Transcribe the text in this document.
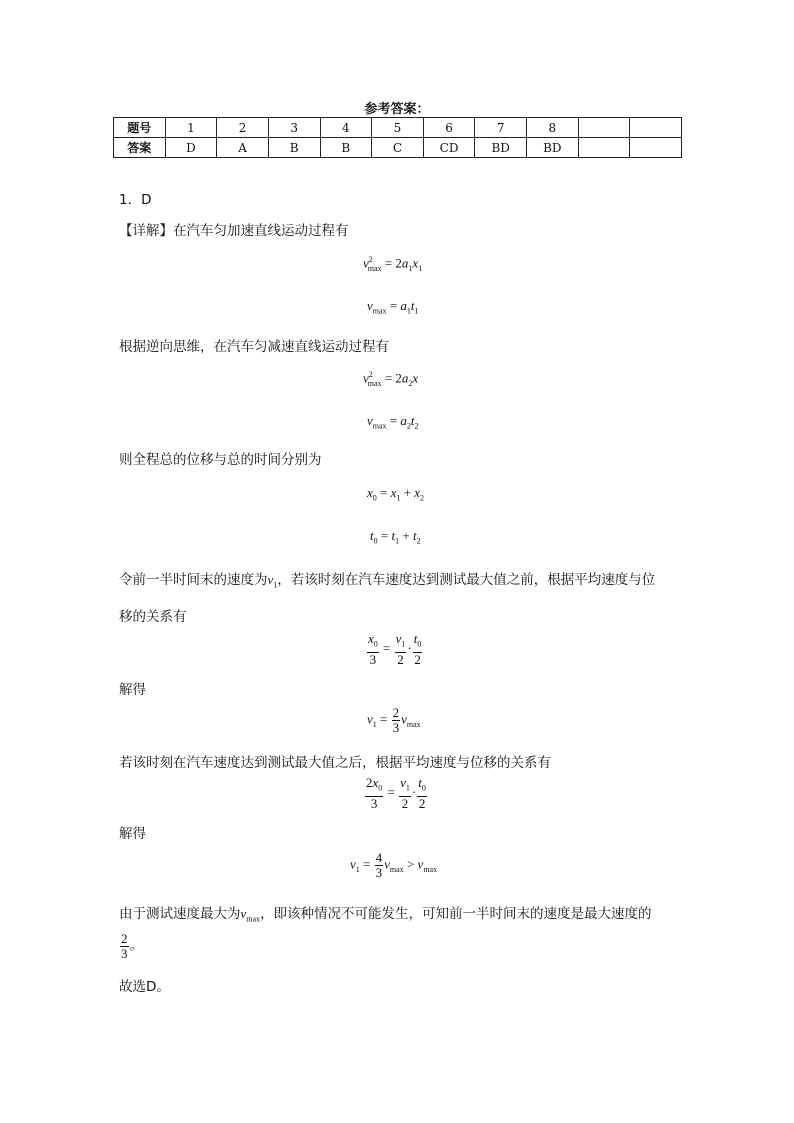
参考答案：
题号	1	2	3	4	5	6	7	8		
答案	D	A	B	B	C	CD	BD	BD		
1．D
【详解】在汽车匀加速直线运动过程有
$v^2_{max} = 2a_1x_1$
$v_{max} = a_1t_1$
根据逆向思维，在汽车匀减速直线运动过程有
$v^2_{max} = 2a_2x$
$v_{max} = a_2t_2$
则全程总的位移与总的时间分别为
$x_0 = x_1 + x_2$
$t_0 = t_1 + t_2$
令前一半时间末的速度为$v_1$，若该时刻在汽车速度达到测试最大值之前，根据平均速度与位
移的关系有
$\frac{x_0}{3} = \frac{v_1}{2} \cdot \frac{t_0}{2}$
解得
$v_1 = \frac{2}{3} v_{max}$
若该时刻在汽车速度达到测试最大值之后，根据平均速度与位移的关系有
$\frac{2x_0}{3} = \frac{v_1}{2} \cdot \frac{t_0}{2}$
解得
$v_1 = \frac{4}{3} v_{max} > v_{max}$
由于测试速度最大为$v_{max}$，即该种情况不可能发生，可知前一半时间末的速度是最大速度的
$\frac{2}{3}$ 。
故选D。
